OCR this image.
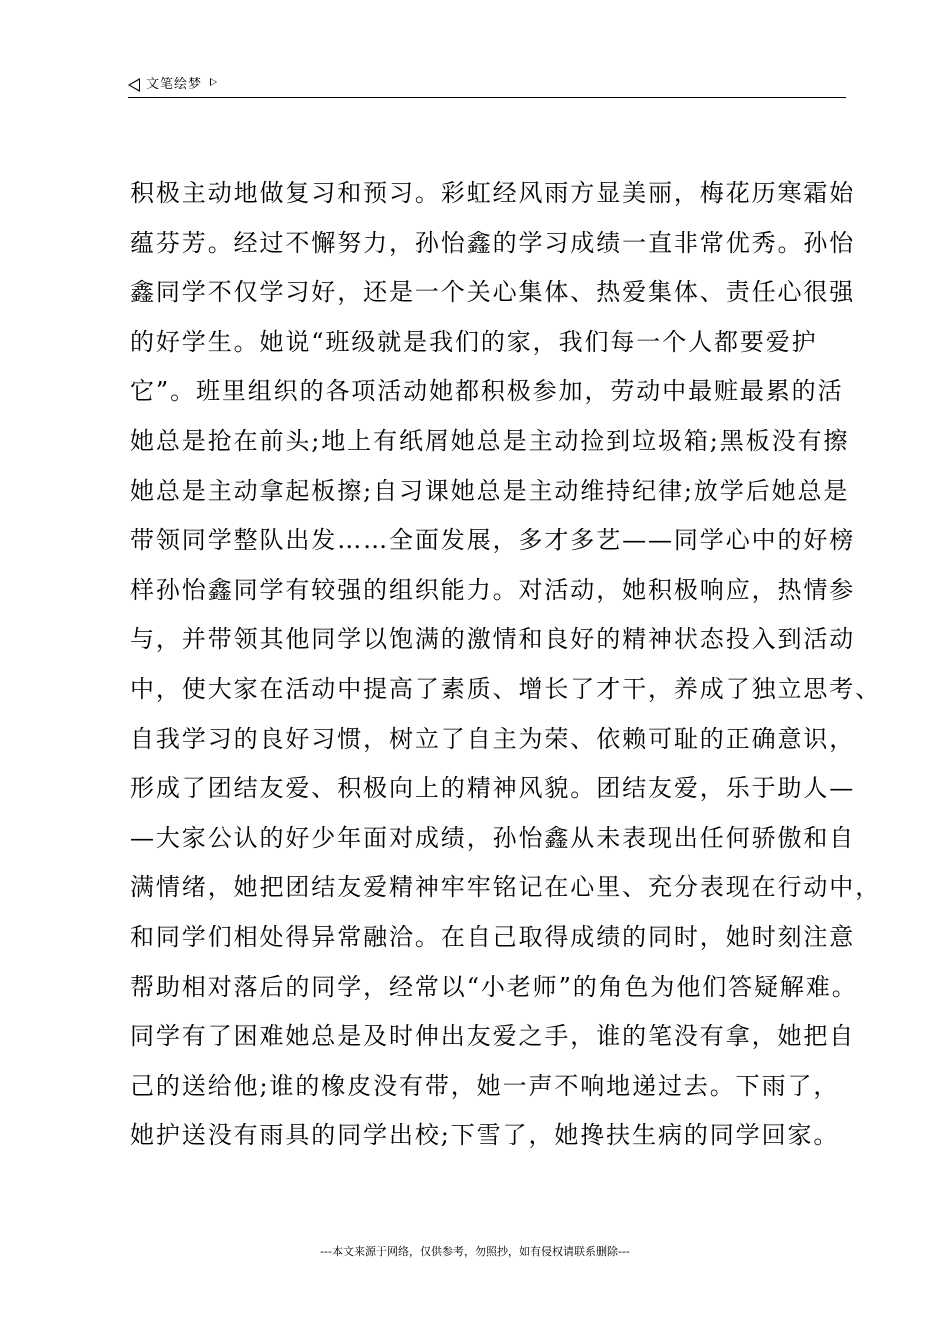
文笔绘梦
积极主动地做复习和预习。彩虹经风雨方显美丽，梅花历寒霜始
蕴芬芳。经过不懈努力，孙怡鑫的学习成绩一直非常优秀。孙怡
鑫同学不仅学习好，还是一个关心集体、热爱集体、责任心很强
的好学生。她说“班级就是我们的家，我们每一个人都要爱护
它”。班里组织的各项活动她都积极参加，劳动中最赃最累的活
她总是抢在前头;地上有纸屑她总是主动捡到垃圾箱;黑板没有擦
她总是主动拿起板擦;自习课她总是主动维持纪律;放学后她总是
带领同学整队出发……全面发展，多才多艺——同学心中的好榜
样孙怡鑫同学有较强的组织能力。对活动，她积极响应，热情参
与，并带领其他同学以饱满的激情和良好的精神状态投入到活动
中，使大家在活动中提高了素质、增长了才干，养成了独立思考、
自我学习的良好习惯，树立了自主为荣、依赖可耻的正确意识，
形成了团结友爱、积极向上的精神风貌。团结友爱，乐于助人—
—大家公认的好少年面对成绩，孙怡鑫从未表现出任何骄傲和自
满情绪，她把团结友爱精神牢牢铭记在心里、充分表现在行动中，
和同学们相处得异常融洽。在自己取得成绩的同时，她时刻注意
帮助相对落后的同学，经常以“小老师”的角色为他们答疑解难。
同学有了困难她总是及时伸出友爱之手，谁的笔没有拿，她把自
己的送给他;谁的橡皮没有带，她一声不响地递过去。下雨了，
她护送没有雨具的同学出校;下雪了，她搀扶生病的同学回家。
---本文来源于网络，仅供参考，勿照抄，如有侵权请联系删除---
